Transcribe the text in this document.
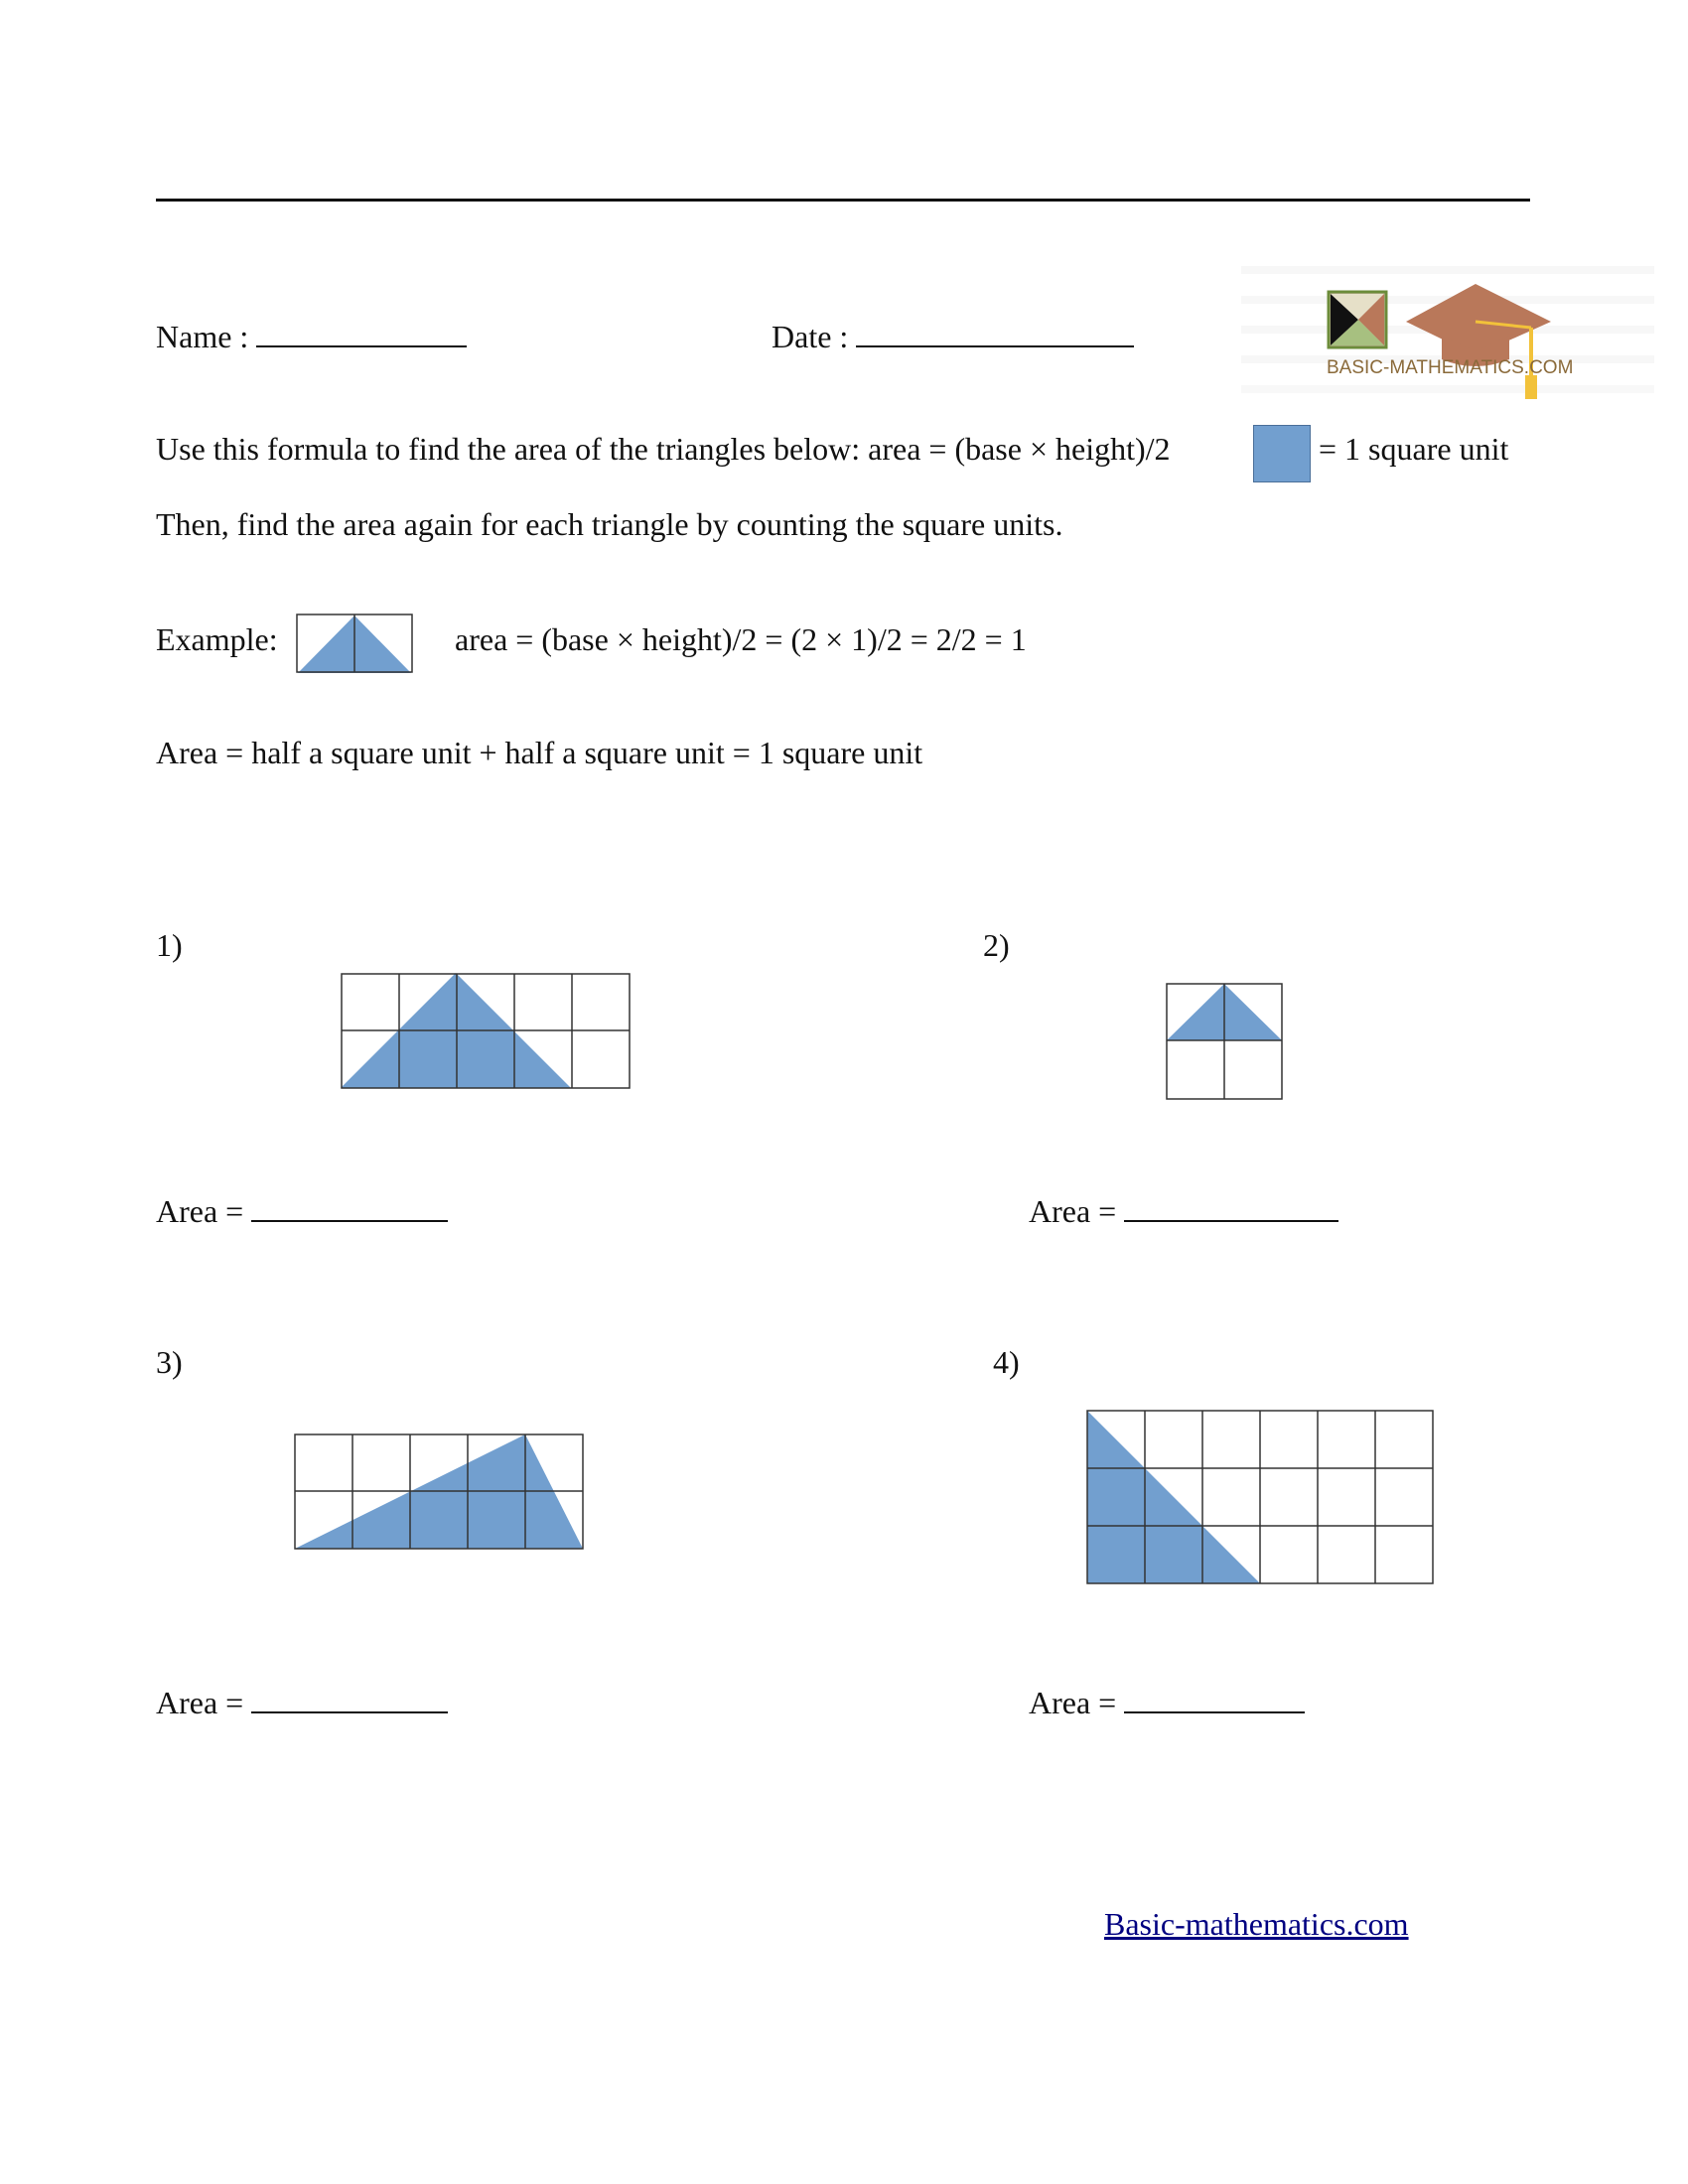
Name :	Date :
BASIC-MATHEMATICS.COM
Use this formula to find the area of the triangles below: area = (base × height)/2	= 1 square unit
Then, find the area again for each triangle by counting the square units.
Example:	area = (base × height)/2 = (2 × 1)/2 = 2/2 = 1
Area = half a square unit + half a square unit = 1 square unit
1)
Area =
2)
Area =
3)
Area =
4)
Area =
Basic-mathematics.com
